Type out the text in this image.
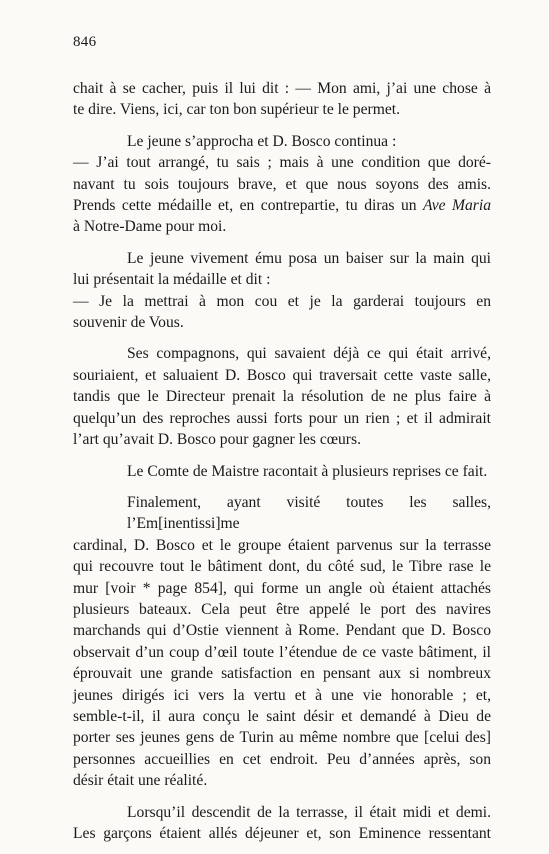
846

chait à se cacher, puis il lui dit : — Mon ami, j’ai une chose à
te dire. Viens, ici, car ton bon supérieur te le permet.

Le jeune s’approcha et D. Bosco continua :
— J’ai tout arrangé, tu sais ; mais à une condition que doré-
navant tu sois toujours brave, et que nous soyons des amis.
Prends cette médaille et, en contrepartie, tu diras un Ave Maria
à Notre-Dame pour moi.

Le jeune vivement ému posa un baiser sur la main qui
lui présentait la médaille et dit :
— Je la mettrai à mon cou et je la garderai toujours en
souvenir de Vous.

Ses compagnons, qui savaient déjà ce qui était arrivé,
souriaient, et saluaient D. Bosco qui traversait cette vaste salle,
tandis que le Directeur prenait la résolution de ne plus faire à
quelqu’un des reproches aussi forts pour un rien ; et il admirait
l’art qu’avait D. Bosco pour gagner les cœurs.

Le Comte de Maistre racontait à plusieurs reprises ce fait.

Finalement, ayant visité toutes les salles, l’Em[inentissi]me
cardinal, D. Bosco et le groupe étaient parvenus sur la terrasse
qui recouvre tout le bâtiment dont, du côté sud, le Tibre rase le
mur [voir * page 854], qui forme un angle où étaient attachés
plusieurs bateaux. Cela peut être appelé le port des navires
marchands qui d’Ostie viennent à Rome. Pendant que D. Bosco
observait d’un coup d’œil toute l’étendue de ce vaste bâtiment, il
éprouvait une grande satisfaction en pensant aux si nombreux
jeunes dirigés ici vers la vertu et à une vie honorable ; et,
semble-t-il, il aura conçu le saint désir et demandé à Dieu de
porter ses jeunes gens de Turin au même nombre que [celui des]
personnes accueillies en cet endroit. Peu d’années après, son
désir était une réalité.

Lorsqu’il descendit de la terrasse, il était midi et demi.
Les garçons étaient allés déjeuner et, son Eminence ressentant
